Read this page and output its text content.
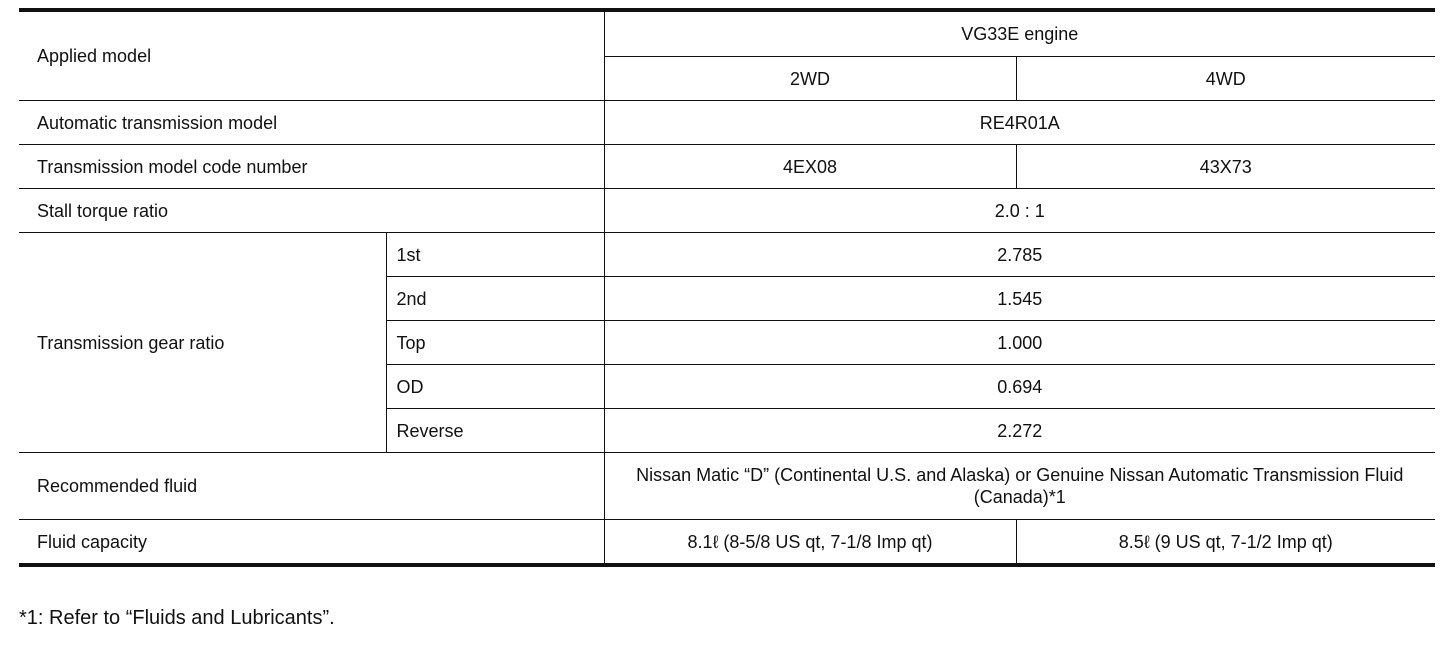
Applied model		VG33E engine	
		2WD	4WD
Automatic transmission model		RE4R01A	
Transmission model code number		4EX08	43X73
Stall torque ratio		2.0 : 1	
Transmission gear ratio	1st	2.785	
	2nd	1.545	
	Top	1.000	
	OD	0.694	
	Reverse	2.272	
Recommended fluid		Nissan Matic “D” (Continental U.S. and Alaska) or Genuine Nissan Automatic Transmission Fluid (Canada)*1	
Fluid capacity		8.1ℓ (8-5/8 US qt, 7-1/8 Imp qt)	8.5ℓ (9 US qt, 7-1/2 Imp qt)

*1: Refer to “Fluids and Lubricants”.
